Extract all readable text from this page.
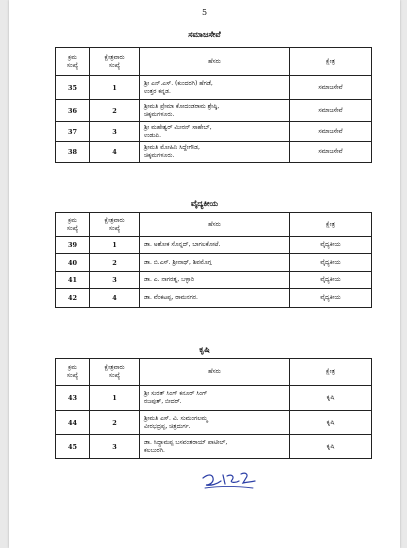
5
ಸಮಾಜಸೇವೆ
ಕ್ರಮ
ಸಂಖ್ಯೆ	ಕ್ಷೇತ್ರವಾರು
ಸಂಖ್ಯೆ	ಹೆಸರು	ಕ್ಷೇತ್ರ
35	1	ಶ್ರೀ ಎನ್.ಎಸ್. (ಕುಂದರಗಿ) ಹೆಗಡೆ,
ಉತ್ತರ ಕನ್ನಡ.	ಸಮಾಜಸೇವೆ
36	2	ಶ್ರೀಮತಿ ಪ್ರೇಮಾ ಕೋದಂಡರಾಮ ಶ್ರೇಷ್ಠಿ,
ಚಿಕ್ಕಮಗಳೂರು.	ಸಮಾಜಸೇವೆ
37	3	ಶ್ರೀ ಮಹೇಶ್ವರ್ ಮೀರನ್ ಸಾಹೇಬ್,
ಉಡುಪಿ.	ಸಮಾಜಸೇವೆ
38	4	ಶ್ರೀಮತಿ ಮೋಹಿನಿ ಸಿದ್ದೇಗೌಡ,
ಚಿಕ್ಕಮಗಳೂರು.	ಸಮಾಜಸೇವೆ
ವೈದ್ಯಕೀಯ
ಕ್ರಮ
ಸಂಖ್ಯೆ	ಕ್ಷೇತ್ರವಾರು
ಸಂಖ್ಯೆ	ಹೆಸರು	ಕ್ಷೇತ್ರ
39	1	ಡಾ. ಅಶೋಕ ಸೊನ್ನದ್, ಬಾಗಲಕೋಟೆ.	ವೈದ್ಯಕೀಯ
40	2	ಡಾ. ಬಿ.ಎಸ್. ಶ್ರೀನಾಥ್, ಶಿವಮೊಗ್ಗ	ವೈದ್ಯಕೀಯ
41	3	ಡಾ. ಎ. ನಾಗರತ್ನ, ಬಳ್ಳಾರಿ	ವೈದ್ಯಕೀಯ
42	4	ಡಾ. ವೆಂಕಟಪ್ಪ, ರಾಮನಗರ.	ವೈದ್ಯಕೀಯ
ಕೃಷಿ
ಕ್ರಮ
ಸಂಖ್ಯೆ	ಕ್ಷೇತ್ರವಾರು
ಸಂಖ್ಯೆ	ಹೆಸರು	ಕ್ಷೇತ್ರ
43	1	ಶ್ರೀ ಸುರತ್ ಸಿಂಗ್ ಕನೂರ್ ಸಿಂಗ್
ರಜಪುತ್, ಬೀದರ್.	ಕೃಷಿ
44	2	ಶ್ರೀಮತಿ ಎಸ್. ವಿ. ಸುಮಂಗಲಮ್ಮ
ವೀರಭದ್ರಪ್ಪ, ಚಿತ್ರದುರ್ಗ.	ಕೃಷಿ
45	3	ಡಾ. ಸಿದ್ದಾಮಪ್ಪ ಬಸವಂತರಾಯ್ ಪಾಟೀಲ್,
ಕಲಬುರಗಿ.	ಕೃಷಿ
